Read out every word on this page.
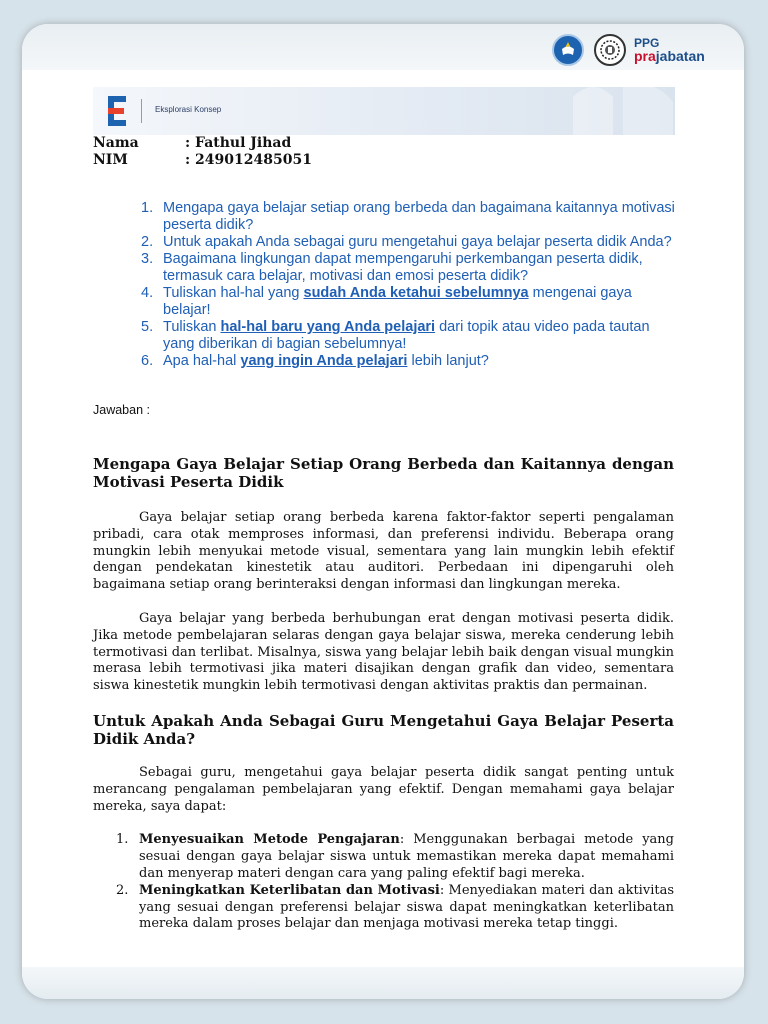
PPG
prajabatan
Eksplorasi Konsep
Nama	: Fathul Jihad
NIM	: 249012485051
1. Mengapa gaya belajar setiap orang berbeda dan bagaimana kaitannya motivasi peserta didik?
2. Untuk apakah Anda sebagai guru mengetahui gaya belajar peserta didik Anda?
3. Bagaimana lingkungan dapat mempengaruhi perkembangan peserta didik, termasuk cara belajar, motivasi dan emosi peserta didik?
4. Tuliskan hal-hal yang sudah Anda ketahui sebelumnya mengenai gaya belajar!
5. Tuliskan hal-hal baru yang Anda pelajari dari topik atau video pada tautan yang diberikan di bagian sebelumnya!
6. Apa hal-hal yang ingin Anda pelajari lebih lanjut?
Jawaban :
Mengapa Gaya Belajar Setiap Orang Berbeda dan Kaitannya dengan Motivasi Peserta Didik

Gaya belajar setiap orang berbeda karena faktor-faktor seperti pengalaman pribadi, cara otak memproses informasi, dan preferensi individu. Beberapa orang mungkin lebih menyukai metode visual, sementara yang lain mungkin lebih efektif dengan pendekatan kinestetik atau auditori. Perbedaan ini dipengaruhi oleh bagaimana setiap orang berinteraksi dengan informasi dan lingkungan mereka.

Gaya belajar yang berbeda berhubungan erat dengan motivasi peserta didik. Jika metode pembelajaran selaras dengan gaya belajar siswa, mereka cenderung lebih termotivasi dan terlibat. Misalnya, siswa yang belajar lebih baik dengan visual mungkin merasa lebih termotivasi jika materi disajikan dengan grafik dan video, sementara siswa kinestetik mungkin lebih termotivasi dengan aktivitas praktis dan permainan.

Untuk Apakah Anda Sebagai Guru Mengetahui Gaya Belajar Peserta Didik Anda?

Sebagai guru, mengetahui gaya belajar peserta didik sangat penting untuk merancang pengalaman pembelajaran yang efektif. Dengan memahami gaya belajar mereka, saya dapat:

1. Menyesuaikan Metode Pengajaran: Menggunakan berbagai metode yang sesuai dengan gaya belajar siswa untuk memastikan mereka dapat memahami dan menyerap materi dengan cara yang paling efektif bagi mereka.
2. Meningkatkan Keterlibatan dan Motivasi: Menyediakan materi dan aktivitas yang sesuai dengan preferensi belajar siswa dapat meningkatkan keterlibatan mereka dalam proses belajar dan menjaga motivasi mereka tetap tinggi.
